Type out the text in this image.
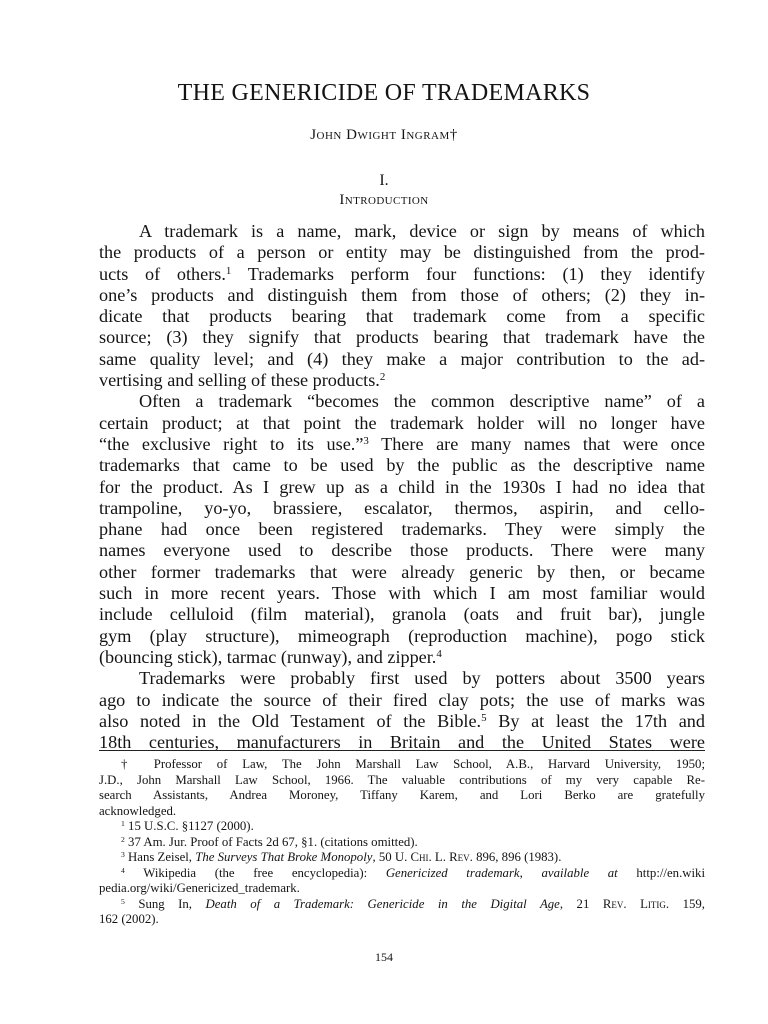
THE GENERICIDE OF TRADEMARKS
John Dwight Ingram†
I.
Introduction
A trademark is a name, mark, device or sign by means of which
the products of a person or entity may be distinguished from the prod-
ucts of others.$^1$ Trademarks perform four functions: (1) they identify
one’s products and distinguish them from those of others; (2) they in-
dicate that products bearing that trademark come from a specific
source; (3) they signify that products bearing that trademark have the
same quality level; and (4) they make a major contribution to the ad-
vertising and selling of these products.$^2$
Often a trademark “becomes the common descriptive name” of a
certain product; at that point the trademark holder will no longer have
“the exclusive right to its use.”$^3$ There are many names that were once
trademarks that came to be used by the public as the descriptive name
for the product. As I grew up as a child in the 1930s I had no idea that
trampoline, yo-yo, brassiere, escalator, thermos, aspirin, and cello-
phane had once been registered trademarks. They were simply the
names everyone used to describe those products. There were many
other former trademarks that were already generic by then, or became
such in more recent years. Those with which I am most familiar would
include celluloid (film material), granola (oats and fruit bar), jungle
gym (play structure), mimeograph (reproduction machine), pogo stick
(bouncing stick), tarmac (runway), and zipper.$^4$
Trademarks were probably first used by potters about 3500 years
ago to indicate the source of their fired clay pots; the use of marks was
also noted in the Old Testament of the Bible.$^5$ By at least the 17th and
18th centuries, manufacturers in Britain and the United States were
† Professor of Law, The John Marshall Law School, A.B., Harvard University, 1950;
J.D., John Marshall Law School, 1966. The valuable contributions of my very capable Re-
search Assistants, Andrea Moroney, Tiffany Karem, and Lori Berko are gratefully
acknowledged.
$^1$ 15 U.S.C. §1127 (2000).
$^2$ 37 Am. Jur. Proof of Facts 2d 67, §1. (citations omitted).
$^3$ Hans Zeisel, The Surveys That Broke Monopoly, 50 U. Chi. L. Rev. 896, 896 (1983).
$^4$ Wikipedia (the free encyclopedia): Genericized trademark, available at http://en.wiki
pedia.org/wiki/Genericized_trademark.
$^5$ Sung In, Death of a Trademark: Genericide in the Digital Age, 21 Rev. Litig. 159,
162 (2002).
154
